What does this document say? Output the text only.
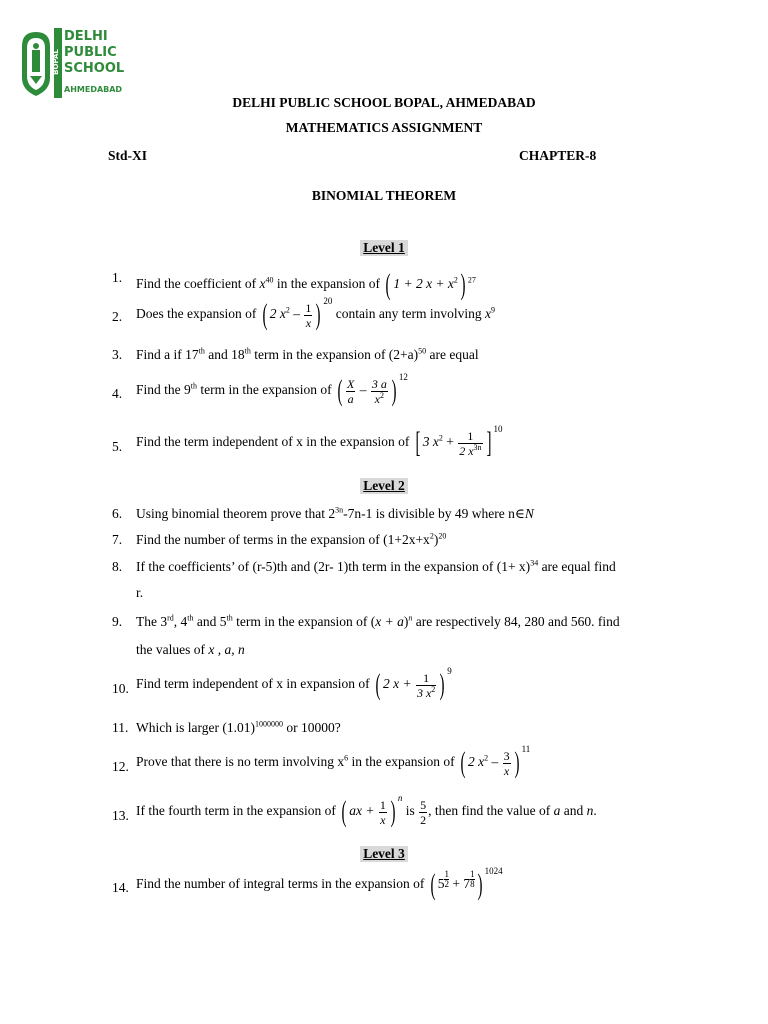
BOPAL
DELHI
PUBLIC
SCHOOL
AHMEDABAD
DELHI PUBLIC SCHOOL BOPAL, AHMEDABAD
MATHEMATICS ASSIGNMENT
Std-XI	CHAPTER-8
BINOMIAL THEOREM
Level 1
1. Find the coefficient of $x^{40}$ in the expansion of ( 1 + 2 $x + x^2$) $^{27}$
2. Does the expansion of ( 2 $x^2 - \frac{1}{x}$ ) $^{20}$ contain any term involving $x^9$
3. Find a if 17th and 18th term in the expansion of $(2+a)^{50}$ are equal
4. Find the 9th term in the expansion of ( $\frac{X}{a} - \frac{3 a}{x^2}$ ) $^{12}$
5. Find the term independent of x in the expansion of [ 3 $x^2 + \frac{1}{2 x^{3n}}$ ] $^{10}$
Level 2
6. Using binomial theorem prove that $2^{3n}-7n-1$ is divisible by 49 where n∈N
7. Find the number of terms in the expansion of $(1+2x+x^2)^{20}$
8. If the coefficients’ of (r-5)th and (2r- 1)th term in the expansion of $(1+ x)^{34}$ are equal find
r.
9. The 3rd, 4th and 5th term in the expansion of $(x + a)^n$ are respectively 84, 280 and 560. find
the values of x , a, n
10. Find term independent of x in expansion of ( 2 $x + \frac{1}{3 x^2}$ ) $^9$
11. Which is larger $(1.01)^{1000000}$ or 10000?
12. Prove that there is no term involving $x^6$ in the expansion of ( 2 $x^2 - \frac{3}{x}$ ) $^{11}$
13. If the fourth term in the expansion of ( ax + $\frac{1}{x}$ ) $^n$ is $\frac{5}{2}$ , then find the value of a and n.
Level 3
14. Find the number of integral terms in the expansion of ( $5 \frac{1}{2} + 7 \frac{1}{8}$ ) $^{1024}$
